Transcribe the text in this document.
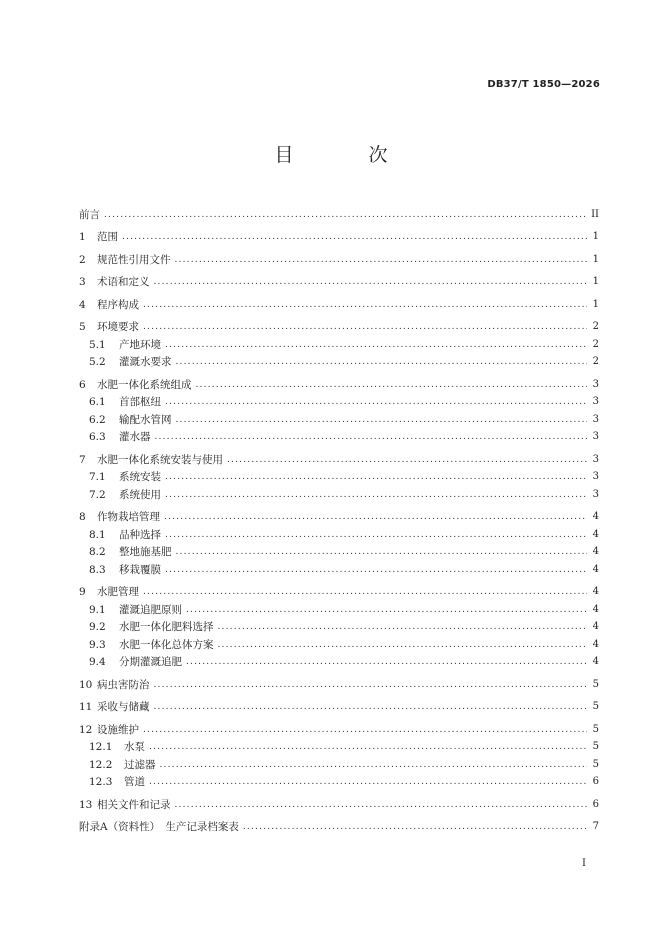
DB37/T 1850—2026
目　次
前言 .....	II
1	范围 .....	1
2	规范性引用文件 .....	1
3	术语和定义 .....	1
4	程序构成 .....	1
5	环境要求 .....	2
5.1	产地环境 .....	2
5.2	灌溉水要求 .....	2
6	水肥一体化系统组成 .....	3
6.1	首部枢纽 .....	3
6.2	输配水管网 .....	3
6.3	灌水器 .....	3
7	水肥一体化系统安装与使用 .....	3
7.1	系统安装 .....	3
7.2	系统使用 .....	3
8	作物栽培管理 .....	4
8.1	品种选择 .....	4
8.2	整地施基肥 .....	4
8.3	移栽覆膜 .....	4
9	水肥管理 .....	4
9.1	灌溉追肥原则 .....	4
9.2	水肥一体化肥料选择 .....	4
9.3	水肥一体化总体方案 .....	4
9.4	分期灌溉追肥 .....	4
10 病虫害防治 .....	5
11 采收与储藏 .....	5
12 设施维护 .....	5
12.1	水泵 .....	5
12.2	过滤器 .....	5
12.3	管道 .....	6
13 相关文件和记录 .....	6
附录A（资料性）　生产记录档案表 .....	7
I
